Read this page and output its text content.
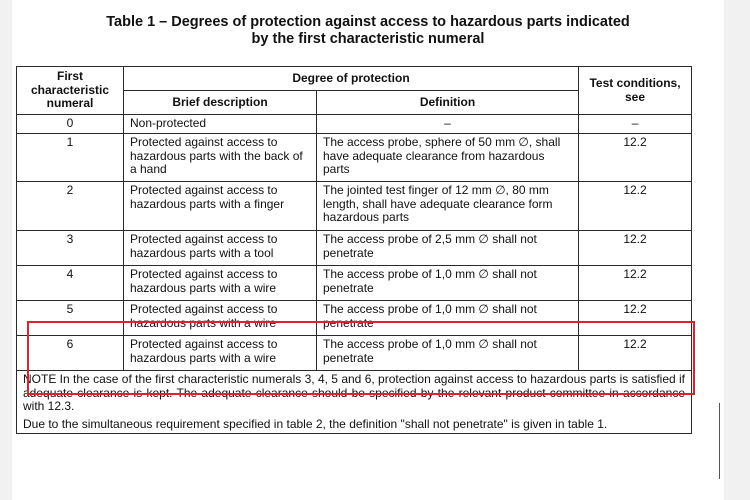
Table 1 – Degrees of protection against access to hazardous parts indicated
by the first characteristic numeral
First characteristic numeral	Degree of protection		Test conditions, see
	Brief description	Definition	
0	Non-protected	–	–
1	Protected against access to hazardous parts with the back of a hand	The access probe, sphere of 50 mm ∅, shall have adequate clearance from hazardous parts	12.2
2	Protected against access to hazardous parts with a finger	The jointed test finger of 12 mm ∅, 80 mm length, shall have adequate clearance form hazardous parts	12.2
3	Protected against access to hazardous parts with a tool	The access probe of 2,5 mm ∅ shall not penetrate	12.2
4	Protected against access to hazardous parts with a wire	The access probe of 1,0 mm ∅ shall not penetrate	12.2
5	Protected against access to hazardous parts with a wire	The access probe of 1,0 mm ∅ shall not penetrate	12.2
6	Protected against access to hazardous parts with a wire	The access probe of 1,0 mm ∅ shall not penetrate	12.2

NOTE In the case of the first characteristic numerals 3, 4, 5 and 6, protection against access to hazardous parts is satisfied if adequate clearance is kept. The adequate clearance should be specified by the relevant product committee in accordance with 12.3.

Due to the simultaneous requirement specified in table 2, the definition "shall not penetrate" is given in table 1.			
